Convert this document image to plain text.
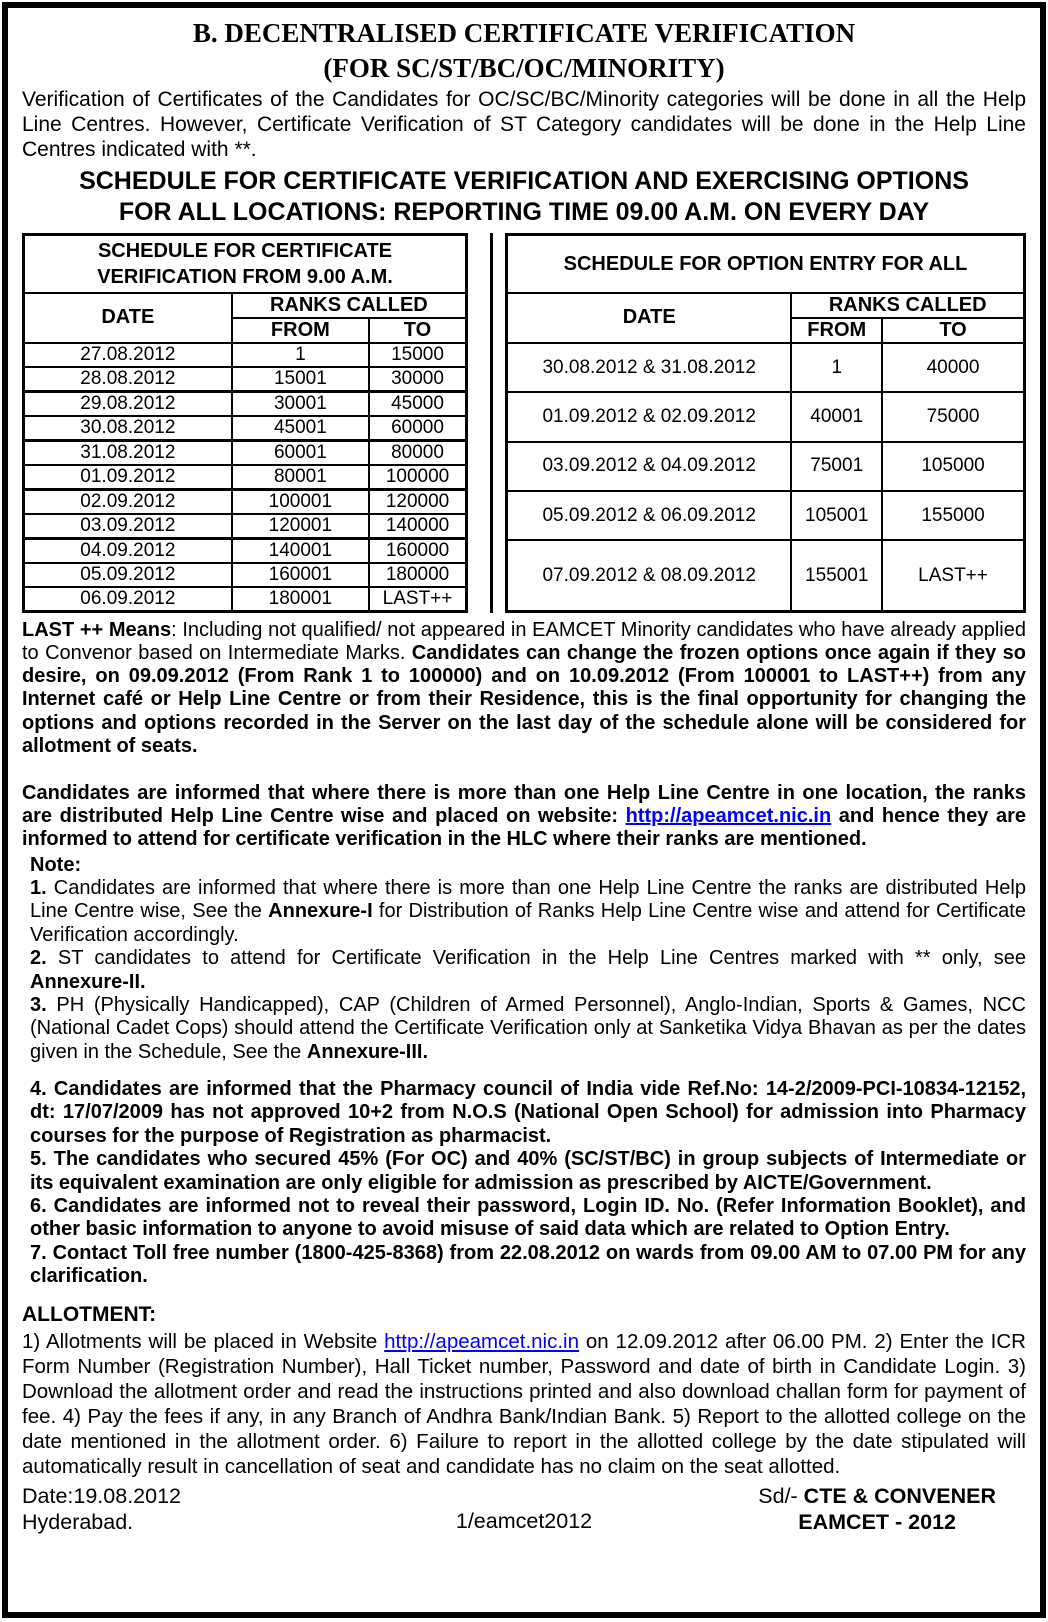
B. DECENTRALISED CERTIFICATE VERIFICATION
(FOR SC/ST/BC/OC/MINORITY)

Verification of Certificates of the Candidates for OC/SC/BC/Minority categories will be done in all the Help Line Centres. However, Certificate Verification of ST Category candidates will be done in the Help Line Centres indicated with **.

SCHEDULE FOR CERTIFICATE VERIFICATION AND EXERCISING OPTIONS
FOR ALL LOCATIONS: REPORTING TIME 09.00 A.M. ON EVERY DAY
SCHEDULE FOR CERTIFICATE VERIFICATION FROM 9.00 A.M.		
DATE	RANKS CALLED	
	FROM	TO
27.08.2012	1	15000
28.08.2012	15001	30000
29.08.2012	30001	45000
30.08.2012	45001	60000
31.08.2012	60001	80000
01.09.2012	80001	100000
02.09.2012	100001	120000
03.09.2012	120001	140000
04.09.2012	140001	160000
05.09.2012	160001	180000
06.09.2012	180001	LAST++
SCHEDULE FOR OPTION ENTRY FOR ALL		
DATE	RANKS CALLED	
	FROM	TO
30.08.2012 & 31.08.2012	1	40000
01.09.2012 & 02.09.2012	40001	75000
03.09.2012 & 04.09.2012	75001	105000
05.09.2012 & 06.09.2012	105001	155000
07.09.2012 & 08.09.2012	155001	LAST++

LAST ++ Means: Including not qualified/ not appeared in EAMCET Minority candidates who have already applied to Convenor based on Intermediate Marks. Candidates can change the frozen options once again if they so desire, on 09.09.2012 (From Rank 1 to 100000) and on 10.09.2012 (From 100001 to LAST++) from any Internet café or Help Line Centre or from their Residence, this is the final opportunity for changing the options and options recorded in the Server on the last day of the schedule alone will be considered for allotment of seats.

Candidates are informed that where there is more than one Help Line Centre in one location, the ranks are distributed Help Line Centre wise and placed on website: http://apeamcet.nic.in and hence they are informed to attend for certificate verification in the HLC where their ranks are mentioned.

Note:

1. Candidates are informed that where there is more than one Help Line Centre the ranks are distributed Help Line Centre wise, See the Annexure-I for Distribution of Ranks Help Line Centre wise and attend for Certificate Verification accordingly.

2. ST candidates to attend for Certificate Verification in the Help Line Centres marked with ** only, see Annexure-II.

3. PH (Physically Handicapped), CAP (Children of Armed Personnel), Anglo-Indian, Sports & Games, NCC (National Cadet Cops) should attend the Certificate Verification only at Sanketika Vidya Bhavan as per the dates given in the Schedule, See the Annexure-III.

4. Candidates are informed that the Pharmacy council of India vide Ref.No: 14-2/2009-PCI-10834-12152, dt: 17/07/2009 has not approved 10+2 from N.O.S (National Open School) for admission into Pharmacy courses for the purpose of Registration as pharmacist.

5. The candidates who secured 45% (For OC) and 40% (SC/ST/BC) in group subjects of Intermediate or its equivalent examination are only eligible for admission as prescribed by AICTE/Government.

6. Candidates are informed not to reveal their password, Login ID. No. (Refer Information Booklet), and other basic information to anyone to avoid misuse of said data which are related to Option Entry.

7. Contact Toll free number (1800-425-8368) from 22.08.2012 on wards from 09.00 AM to 07.00 PM for any clarification.

ALLOTMENT:

1) Allotments will be placed in Website http://apeamcet.nic.in on 12.09.2012 after 06.00 PM. 2) Enter the ICR Form Number (Registration Number), Hall Ticket number, Password and date of birth in Candidate Login. 3) Download the allotment order and read the instructions printed and also download challan form for payment of fee. 4) Pay the fees if any, in any Branch of Andhra Bank/Indian Bank. 5) Report to the allotted college on the date mentioned in the allotment order. 6) Failure to report in the allotted college by the date stipulated will automatically result in cancellation of seat and candidate has no claim on the seat allotted.

Date:19.08.2012
Hyderabad.	1/eamcet2012
Sd/- CTE & CONVENER
EAMCET - 2012
